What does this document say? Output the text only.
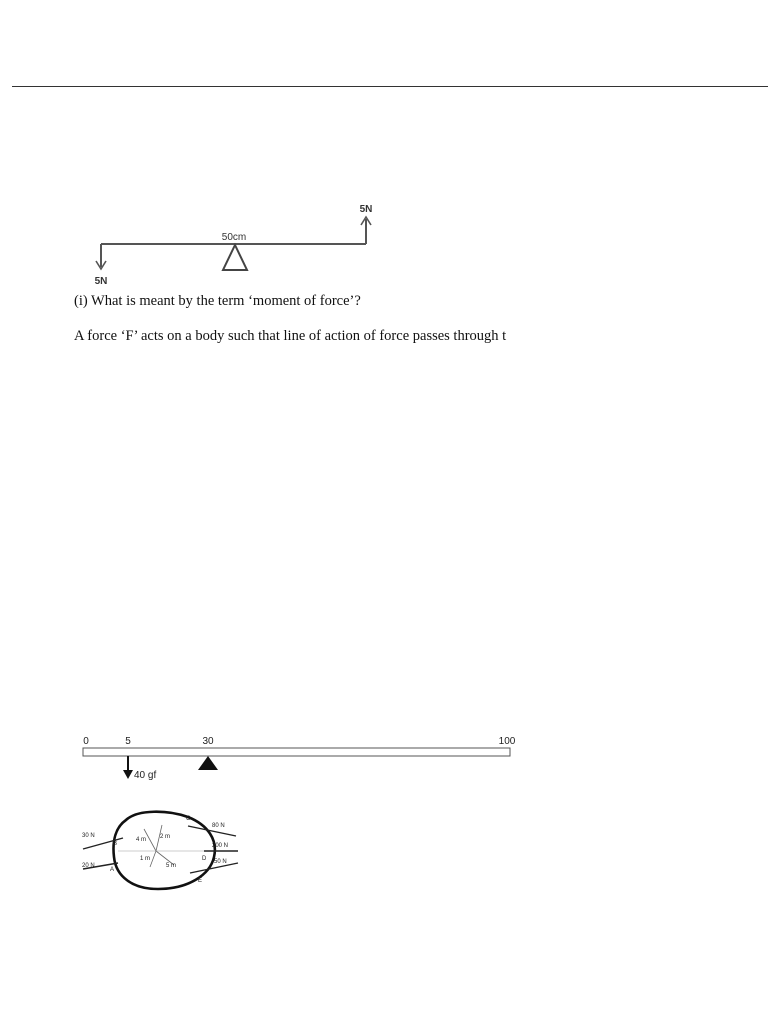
5N
5N
50cm
(i) What is meant by the term ‘moment of force’?
A force ‘F’ acts on a body such that line of action of force passes through t
0	5	30	100
40 gf
80 N
200 N
50 N
30 N
20 N
A
B
C
D
E
4 m 2 m
1 m
5 m
